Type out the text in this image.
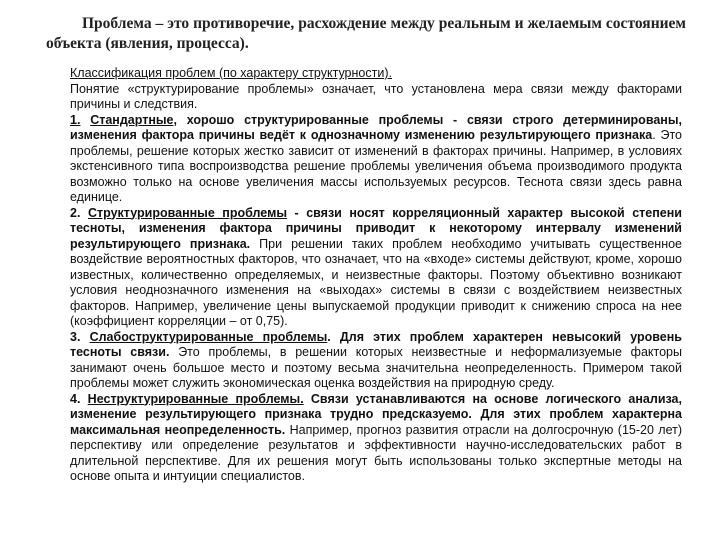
Проблема – это противоречие, расхождение между реальным и желаемым состоянием объекта (явления, процесса).

Классификация проблем (по характеру структурности).

Понятие «структурирование проблемы» означает, что установлена мера связи между факторами причины и следствия.

1. Стандартные, хорошо структурированные проблемы - связи строго детерминированы, изменения фактора причины ведёт к однозначному изменению результирующего признака. Это проблемы, решение которых жестко зависит от изменений в факторах причины. Например, в условиях экстенсивного типа воспроизводства решение проблемы увеличения объема производимого продукта возможно только на основе увеличения массы используемых ресурсов. Теснота связи здесь равна единице.

2. Структурированные проблемы - связи носят корреляционный характер высокой степени тесноты, изменения фактора причины приводит к некоторому интервалу изменений результирующего признака. При решении таких проблем необходимо учитывать существенное воздействие вероятностных факторов, что означает, что на «входе» системы действуют, кроме, хорошо известных, количественно определяемых, и неизвестные факторы. Поэтому объективно возникают условия неоднозначного изменения на «выходах» системы в связи с воздействием неизвестных факторов. Например, увеличение цены выпускаемой продукции приводит к снижению спроса на нее (коэффициент корреляции – от 0,75).

3. Слабоструктурированные проблемы. Для этих проблем характерен невысокий уровень тесноты связи. Это проблемы, в решении которых неизвестные и неформализуемые факторы занимают очень большое место и поэтому весьма значительна неопределенность. Примером такой проблемы может служить экономическая оценка воздействия на природную среду.

4. Неструктурированные проблемы. Связи устанавливаются на основе логического анализа, изменение результирующего признака трудно предсказуемо. Для этих проблем характерна максимальная неопределенность. Например, прогноз развития отрасли на долгосрочную (15-20 лет) перспективу или определение результатов и эффективности научно-исследовательских работ в длительной перспективе. Для их решения могут быть использованы только экспертные методы на основе опыта и интуиции специалистов.
